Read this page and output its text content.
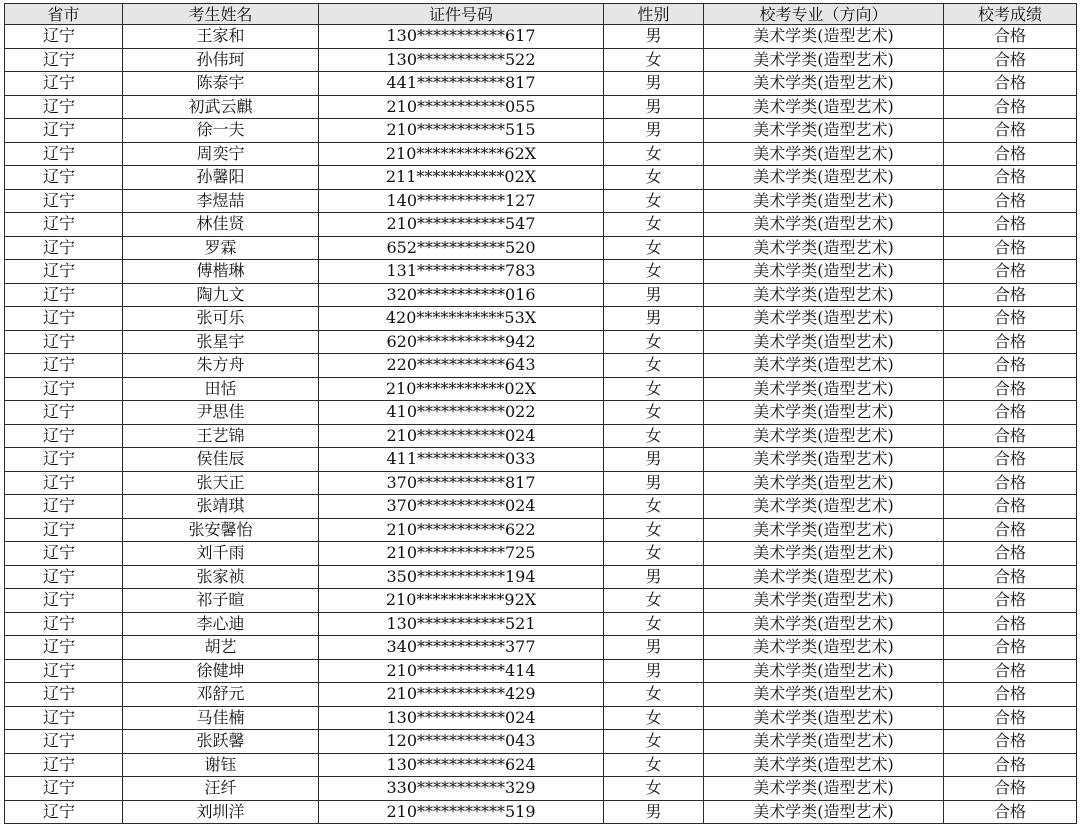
省市	考生姓名	证件号码	性别	校考专业（方向）	校考成绩
辽宁	王家和	130***********617	男	美术学类(造型艺术)	合格
辽宁	孙伟珂	130***********522	女	美术学类(造型艺术)	合格
辽宁	陈泰宇	441***********817	男	美术学类(造型艺术)	合格
辽宁	初武云麒	210***********055	男	美术学类(造型艺术)	合格
辽宁	徐一夫	210***********515	男	美术学类(造型艺术)	合格
辽宁	周奕宁	210***********62X	女	美术学类(造型艺术)	合格
辽宁	孙馨阳	211***********02X	女	美术学类(造型艺术)	合格
辽宁	李煜喆	140***********127	女	美术学类(造型艺术)	合格
辽宁	林佳贤	210***********547	女	美术学类(造型艺术)	合格
辽宁	罗霖	652***********520	女	美术学类(造型艺术)	合格
辽宁	傅楷琳	131***********783	女	美术学类(造型艺术)	合格
辽宁	陶九文	320***********016	男	美术学类(造型艺术)	合格
辽宁	张可乐	420***********53X	男	美术学类(造型艺术)	合格
辽宁	张星宇	620***********942	女	美术学类(造型艺术)	合格
辽宁	朱方舟	220***********643	女	美术学类(造型艺术)	合格
辽宁	田恬	210***********02X	女	美术学类(造型艺术)	合格
辽宁	尹思佳	410***********022	女	美术学类(造型艺术)	合格
辽宁	王艺锦	210***********024	女	美术学类(造型艺术)	合格
辽宁	侯佳辰	411***********033	男	美术学类(造型艺术)	合格
辽宁	张天正	370***********817	男	美术学类(造型艺术)	合格
辽宁	张靖琪	370***********024	女	美术学类(造型艺术)	合格
辽宁	张安馨怡	210***********622	女	美术学类(造型艺术)	合格
辽宁	刘千雨	210***********725	女	美术学类(造型艺术)	合格
辽宁	张家祯	350***********194	男	美术学类(造型艺术)	合格
辽宁	祁子暄	210***********92X	女	美术学类(造型艺术)	合格
辽宁	李心迪	130***********521	女	美术学类(造型艺术)	合格
辽宁	胡艺	340***********377	男	美术学类(造型艺术)	合格
辽宁	徐健坤	210***********414	男	美术学类(造型艺术)	合格
辽宁	邓舒元	210***********429	女	美术学类(造型艺术)	合格
辽宁	马佳楠	130***********024	女	美术学类(造型艺术)	合格
辽宁	张跃馨	120***********043	女	美术学类(造型艺术)	合格
辽宁	谢钰	130***********624	女	美术学类(造型艺术)	合格
辽宁	汪纤	330***********329	女	美术学类(造型艺术)	合格
辽宁	刘圳洋	210***********519	男	美术学类(造型艺术)	合格
